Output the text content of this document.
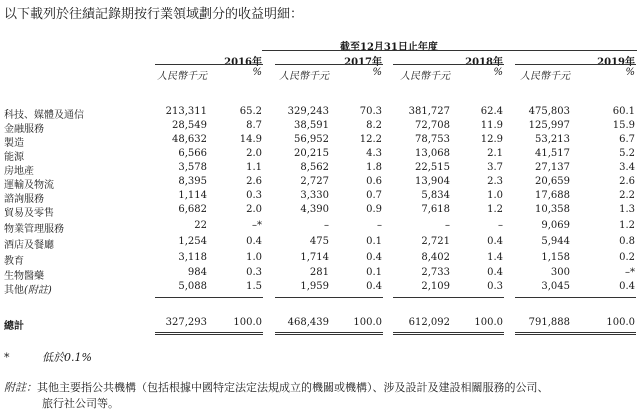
以下載列於往績記錄期按行業領域劃分的收益明細：
截至12月31日止年度
2016年	2017年	2018年	2019年
人民幣千元	% 人民幣千元	% 人民幣千元	% 人民幣千元	%
科技、媒體及通信	213,311	65.2	329,243	70.3	381,727	62.4	475,803	60.1
金融服務	28,549	8.7	38,591	8.2	72,708	11.9	125,997	15.9
製造	48,632	14.9	56,952	12.2	78,753	12.9	53,213	6.7
能源	6,566	2.0	20,215	4.3	13,068	2.1	41,517	5.2
房地產	3,578	1.1	8,562	1.8	22,515	3.7	27,137	3.4
運輸及物流	8,395	2.6	2,727	0.6	13,904	2.3	20,659	2.6
諮詢服務	1,114	0.3	3,330	0.7	5,834	1.0	17,688	2.2
貿易及零售	6,682	2.0	4,390	0.9	7,618	1.2	10,358	1.3
物業管理服務	22	–*	–	–	–	–	9,069	1.2
酒店及餐廳	1,254	0.4	475	0.1	2,721	0.4	5,944	0.8
教育	3,118	1.0	1,714	0.4	8,402	1.4	1,158	0.2
生物醫藥	984	0.3	281	0.1	2,733	0.4	300	–*
其他(附註)	5,088	1.5	1,959	0.4	2,109	0.3	3,045	0.4
總計	327,293	100.0	468,439 100.0	612,092 100.0	791,888	100.0
*	低於0.1%
附註：其他主要指公共機構（包括根據中國特定法定法規成立的機關或機構）、涉及設計及建設相關服務的公司、
旅行社公司等。
